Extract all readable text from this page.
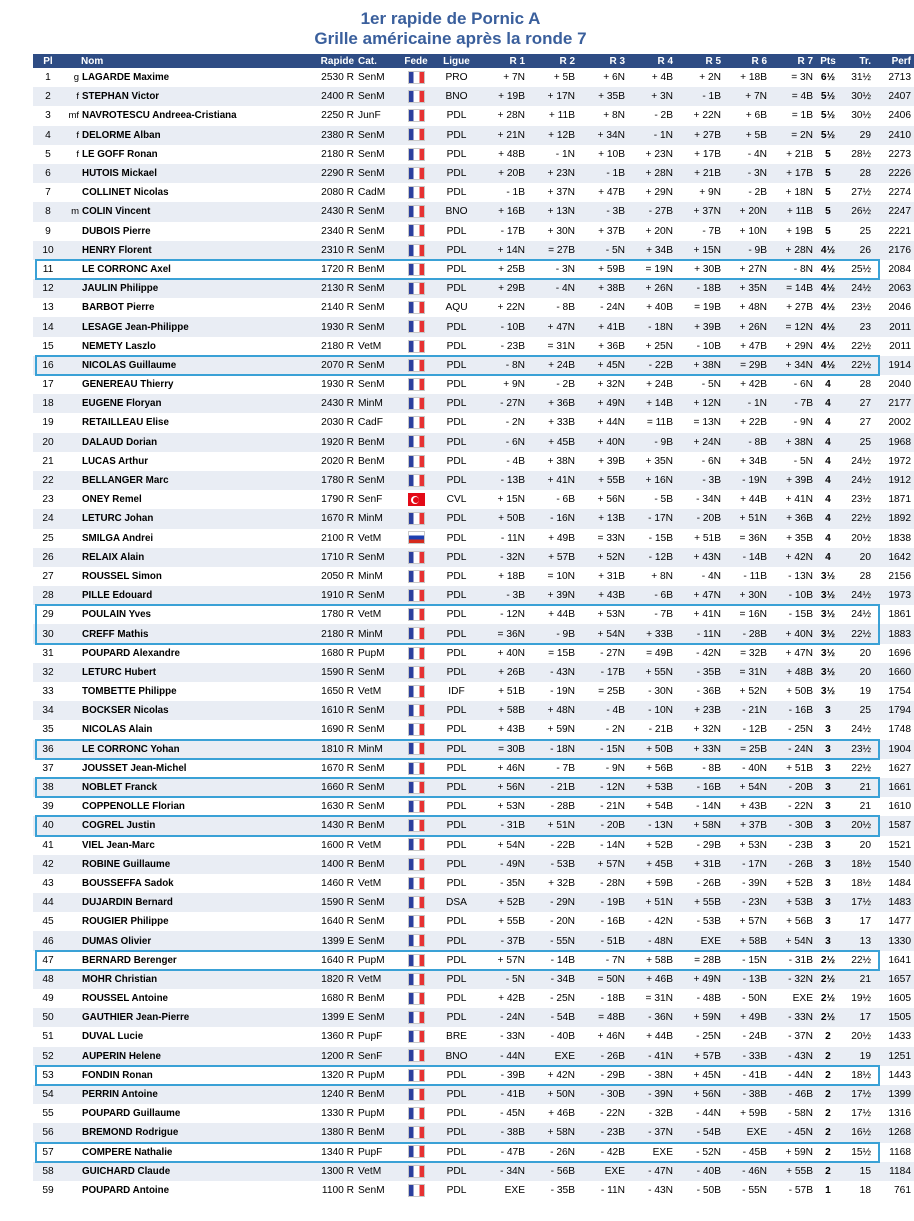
1er rapide de Pornic A
Grille américaine après la ronde 7
Pl	Nom		Rapide	Cat.	Fede	Ligue	R 1	R 2	R 3	R 4	R 5	R 6	R 7	Pts	Tr.	Perf
1	g	LAGARDE Maxime	2530 R	SenM		PRO	+ 7N	+ 5B	+ 6N	+ 4B	+ 2N	+ 18B	= 3N	6½	31½	2713
2	f	STEPHAN Victor	2400 R	SenM		BNO	+ 19B	+ 17N	+ 35B	+ 3N	- 1B	+ 7N	= 4B	5½	30½	2407
3	mf	NAVROTESCU Andreea-Cristiana	2250 R	JunF		PDL	+ 28N	+ 11B	+ 8N	- 2B	+ 22N	+ 6B	= 1B	5½	30½	2406
4	f	DELORME Alban	2380 R	SenM		PDL	+ 21N	+ 12B	+ 34N	- 1N	+ 27B	+ 5B	= 2N	5½	29	2410
5	f	LE GOFF Ronan	2180 R	SenM		PDL	+ 48B	- 1N	+ 10B	+ 23N	+ 17B	- 4N	+ 21B	5	28½	2273
6		HUTOIS Mickael	2290 R	SenM		PDL	+ 20B	+ 23N	- 1B	+ 28N	+ 21B	- 3N	+ 17B	5	28	2226
7		COLLINET Nicolas	2080 R	CadM		PDL	- 1B	+ 37N	+ 47B	+ 29N	+ 9N	- 2B	+ 18N	5	27½	2274
8	m	COLIN Vincent	2430 R	SenM		BNO	+ 16B	+ 13N	- 3B	- 27B	+ 37N	+ 20N	+ 11B	5	26½	2247
9		DUBOIS Pierre	2340 R	SenM		PDL	- 17B	+ 30N	+ 37B	+ 20N	- 7B	+ 10N	+ 19B	5	25	2221
10		HENRY Florent	2310 R	SenM		PDL	+ 14N	= 27B	- 5N	+ 34B	+ 15N	- 9B	+ 28N	4½	26	2176
11		LE CORRONC Axel	1720 R	BenM		PDL	+ 25B	- 3N	+ 59B	= 19N	+ 30B	+ 27N	- 8N	4½	25½	2084
12		JAULIN Philippe	2130 R	SenM		PDL	+ 29B	- 4N	+ 38B	+ 26N	- 18B	+ 35N	= 14B	4½	24½	2063
13		BARBOT Pierre	2140 R	SenM		AQU	+ 22N	- 8B	- 24N	+ 40B	= 19B	+ 48N	+ 27B	4½	23½	2046
14		LESAGE Jean-Philippe	1930 R	SenM		PDL	- 10B	+ 47N	+ 41B	- 18N	+ 39B	+ 26N	= 12N	4½	23	2011
15		NEMETY Laszlo	2180 R	VetM		PDL	- 23B	= 31N	+ 36B	+ 25N	- 10B	+ 47B	+ 29N	4½	22½	2011
16		NICOLAS Guillaume	2070 R	SenM		PDL	- 8N	+ 24B	+ 45N	- 22B	+ 38N	= 29B	+ 34N	4½	22½	1914
17		GENEREAU Thierry	1930 R	SenM		PDL	+ 9N	- 2B	+ 32N	+ 24B	- 5N	+ 42B	- 6N	4	28	2040
18		EUGENE Floryan	2430 R	MinM		PDL	- 27N	+ 36B	+ 49N	+ 14B	+ 12N	- 1N	- 7B	4	27	2177
19		RETAILLEAU Elise	2030 R	CadF		PDL	- 2N	+ 33B	+ 44N	= 11B	= 13N	+ 22B	- 9N	4	27	2002
20		DALAUD Dorian	1920 R	BenM		PDL	- 6N	+ 45B	+ 40N	- 9B	+ 24N	- 8B	+ 38N	4	25	1968
21		LUCAS Arthur	2020 R	BenM		PDL	- 4B	+ 38N	+ 39B	+ 35N	- 6N	+ 34B	- 5N	4	24½	1972
22		BELLANGER Marc	1780 R	SenM		PDL	- 13B	+ 41N	+ 55B	+ 16N	- 3B	- 19N	+ 39B	4	24½	1912
23		ONEY Remel	1790 R	SenF		CVL	+ 15N	- 6B	+ 56N	- 5B	- 34N	+ 44B	+ 41N	4	23½	1871
24		LETURC Johan	1670 R	MinM		PDL	+ 50B	- 16N	+ 13B	- 17N	- 20B	+ 51N	+ 36B	4	22½	1892
25		SMILGA Andrei	2100 R	VetM		PDL	- 11N	+ 49B	= 33N	- 15B	+ 51B	= 36N	+ 35B	4	20½	1838
26		RELAIX Alain	1710 R	SenM		PDL	- 32N	+ 57B	+ 52N	- 12B	+ 43N	- 14B	+ 42N	4	20	1642
27		ROUSSEL Simon	2050 R	MinM		PDL	+ 18B	= 10N	+ 31B	+ 8N	- 4N	- 11B	- 13N	3½	28	2156
28		PILLE Edouard	1910 R	SenM		PDL	- 3B	+ 39N	+ 43B	- 6B	+ 47N	+ 30N	- 10B	3½	24½	1973
29		POULAIN Yves	1780 R	VetM		PDL	- 12N	+ 44B	+ 53N	- 7B	+ 41N	= 16N	- 15B	3½	24½	1861
30		CREFF Mathis	2180 R	MinM		PDL	= 36N	- 9B	+ 54N	+ 33B	- 11N	- 28B	+ 40N	3½	22½	1883
31		POUPARD Alexandre	1680 R	PupM		PDL	+ 40N	= 15B	- 27N	= 49B	- 42N	= 32B	+ 47N	3½	20	1696
32		LETURC Hubert	1590 R	SenM		PDL	+ 26B	- 43N	- 17B	+ 55N	- 35B	= 31N	+ 48B	3½	20	1660
33		TOMBETTE Philippe	1650 R	VetM		IDF	+ 51B	- 19N	= 25B	- 30N	- 36B	+ 52N	+ 50B	3½	19	1754
34		BOCKSER Nicolas	1610 R	SenM		PDL	+ 58B	+ 48N	- 4B	- 10N	+ 23B	- 21N	- 16B	3	25	1794
35		NICOLAS Alain	1690 R	SenM		PDL	+ 43B	+ 59N	- 2N	- 21B	+ 32N	- 12B	- 25N	3	24½	1748
36		LE CORRONC Yohan	1810 R	MinM		PDL	= 30B	- 18N	- 15N	+ 50B	+ 33N	= 25B	- 24N	3	23½	1904
37		JOUSSET Jean-Michel	1670 R	SenM		PDL	+ 46N	- 7B	- 9N	+ 56B	- 8B	- 40N	+ 51B	3	22½	1627
38		NOBLET Franck	1660 R	SenM		PDL	+ 56N	- 21B	- 12N	+ 53B	- 16B	+ 54N	- 20B	3	21	1661
39		COPPENOLLE Florian	1630 R	SenM		PDL	+ 53N	- 28B	- 21N	+ 54B	- 14N	+ 43B	- 22N	3	21	1610
40		COGREL Justin	1430 R	BenM		PDL	- 31B	+ 51N	- 20B	- 13N	+ 58N	+ 37B	- 30B	3	20½	1587
41		VIEL Jean-Marc	1600 R	VetM		PDL	+ 54N	- 22B	- 14N	+ 52B	- 29B	+ 53N	- 23B	3	20	1521
42		ROBINE Guillaume	1400 R	BenM		PDL	- 49N	- 53B	+ 57N	+ 45B	+ 31B	- 17N	- 26B	3	18½	1540
43		BOUSSEFFA Sadok	1460 R	VetM		PDL	- 35N	+ 32B	- 28N	+ 59B	- 26B	- 39N	+ 52B	3	18½	1484
44		DUJARDIN Bernard	1590 R	SenM		DSA	+ 52B	- 29N	- 19B	+ 51N	+ 55B	- 23N	+ 53B	3	17½	1483
45		ROUGIER Philippe	1640 R	SenM		PDL	+ 55B	- 20N	- 16B	- 42N	- 53B	+ 57N	+ 56B	3	17	1477
46		DUMAS Olivier	1399 E	SenM		PDL	- 37B	- 55N	- 51B	- 48N	EXE	+ 58B	+ 54N	3	13	1330
47		BERNARD Berenger	1640 R	PupM		PDL	+ 57N	- 14B	- 7N	+ 58B	= 28B	- 15N	- 31B	2½	22½	1641
48		MOHR Christian	1820 R	VetM		PDL	- 5N	- 34B	= 50N	+ 46B	+ 49N	- 13B	- 32N	2½	21	1657
49		ROUSSEL Antoine	1680 R	BenM		PDL	+ 42B	- 25N	- 18B	= 31N	- 48B	- 50N	EXE	2½	19½	1605
50		GAUTHIER Jean-Pierre	1399 E	SenM		PDL	- 24N	- 54B	= 48B	- 36N	+ 59N	+ 49B	- 33N	2½	17	1505
51		DUVAL Lucie	1360 R	PupF		BRE	- 33N	- 40B	+ 46N	+ 44B	- 25N	- 24B	- 37N	2	20½	1433
52		AUPERIN Helene	1200 R	SenF		BNO	- 44N	EXE	- 26B	- 41N	+ 57B	- 33B	- 43N	2	19	1251
53		FONDIN Ronan	1320 R	PupM		PDL	- 39B	+ 42N	- 29B	- 38N	+ 45N	- 41B	- 44N	2	18½	1443
54		PERRIN Antoine	1240 R	BenM		PDL	- 41B	+ 50N	- 30B	- 39N	+ 56N	- 38B	- 46B	2	17½	1399
55		POUPARD Guillaume	1330 R	PupM		PDL	- 45N	+ 46B	- 22N	- 32B	- 44N	+ 59B	- 58N	2	17½	1316
56		BREMOND Rodrigue	1380 R	BenM		PDL	- 38B	+ 58N	- 23B	- 37N	- 54B	EXE	- 45N	2	16½	1268
57		COMPERE Nathalie	1340 R	PupF		PDL	- 47B	- 26N	- 42B	EXE	- 52N	- 45B	+ 59N	2	15½	1168
58		GUICHARD Claude	1300 R	VetM		PDL	- 34N	- 56B	EXE	- 47N	- 40B	- 46N	+ 55B	2	15	1184
59		POUPARD Antoine	1100 R	SenM		PDL	EXE	- 35B	- 11N	- 43N	- 50B	- 55N	- 57B	1	18	761
